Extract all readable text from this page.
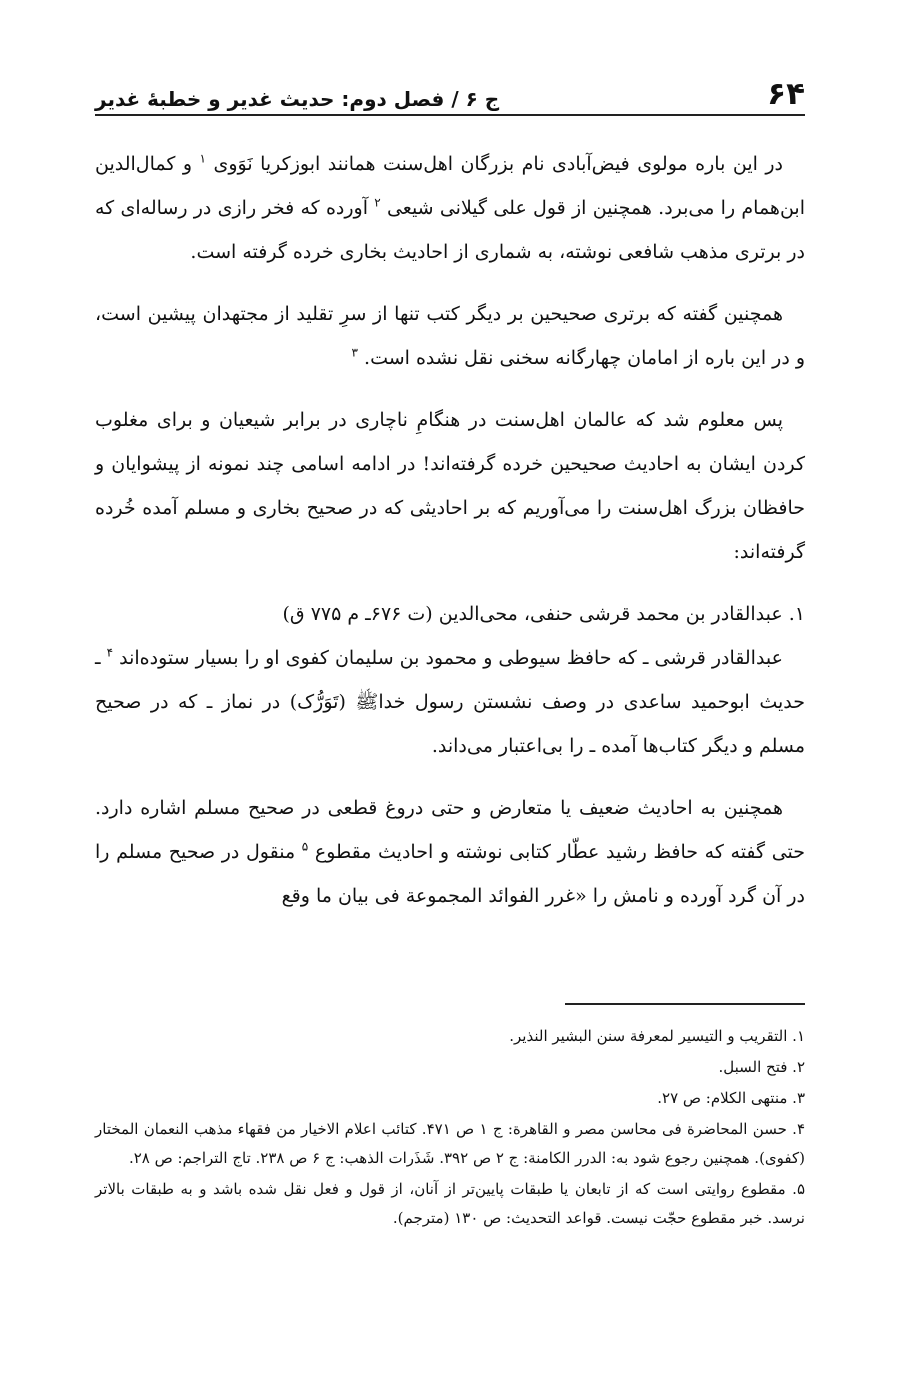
۶۴
ج ۶ / فصل دوم: حدیث غدیر و خطبهٔ غدیر

در این باره مولوی فیض‌آبادی نام بزرگان اهل‌سنت همانند ابوزکریا نَوَوی $^۱$ و کمال‌الدین ابن‌همام را می‌برد. همچنین از قول علی گیلانی شیعی $^۲$ آورده که فخر رازی در رساله‌ای که در برتری مذهب شافعی نوشته، به شماری از احادیث بخاری خرده گرفته است.

همچنین گفته که برتری صحیحین بر دیگر کتب تنها از سرِ تقلید از مجتهدان پیشین است، و در این باره از امامان چهارگانه سخنی نقل نشده است. $^۳$

پس معلوم شد که عالمان اهل‌سنت در هنگامِ ناچاری در برابر شیعیان و برای مغلوب کردن ایشان به احادیث صحیحین خرده گرفته‌اند! در ادامه اسامی چند نمونه از پیشوایان و حافظان بزرگ اهل‌سنت را می‌آوریم که بر احادیثی که در صحیح بخاری و مسلم آمده خُرده گرفته‌اند:

۱. عبدالقادر بن محمد قرشی حنفی، محی‌الدین (ت ۶۷۶ـ م ۷۷۵ ق)

عبدالقادر قرشی ـ که حافظ سیوطی و محمود بن سلیمان کفوی او را بسیار ستوده‌اند $^۴$ ـ حدیث ابوحمید ساعدی در وصف نشستن رسول خداﷺ (تَوَرُّک) در نماز ـ که در صحیح مسلم و دیگر کتاب‌ها آمده ـ را بی‌اعتبار می‌داند.

همچنین به احادیث ضعیف یا متعارض و حتی دروغ قطعی در صحیح مسلم اشاره دارد. حتی گفته که حافظ رشید عطّار کتابی نوشته و احادیث مقطوع $^۵$ منقول در صحیح مسلم را در آن گرد آورده و نامش را «غرر الفوائد المجموعة فی بیان ما وقع

۱. التقریب و التیسیر لمعرفة سنن البشیر النذیر.

۲. فتح السبل.

۳. منتهی الکلام: ص ۲۷.

۴. حسن المحاضرة فی محاسن مصر و القاهرة: ج ۱ ص ۴۷۱. کتائب اعلام الاخیار من فقهاء مذهب النعمان المختار (کفوی). همچنین رجوع شود به: الدرر الکامنة: ج ۲ ص ۳۹۲. شَذَرات الذهب: ج ۶ ص ۲۳۸. تاج التراجم: ص ۲۸.

۵. مقطوع روایتی است که از تابعان یا طبقات پایین‌تر از آنان، از قول و فعل نقل شده باشد و به طبقات بالاتر نرسد. خبر مقطوع حجّت نیست. قواعد التحدیث: ص ۱۳۰ (مترجم).
